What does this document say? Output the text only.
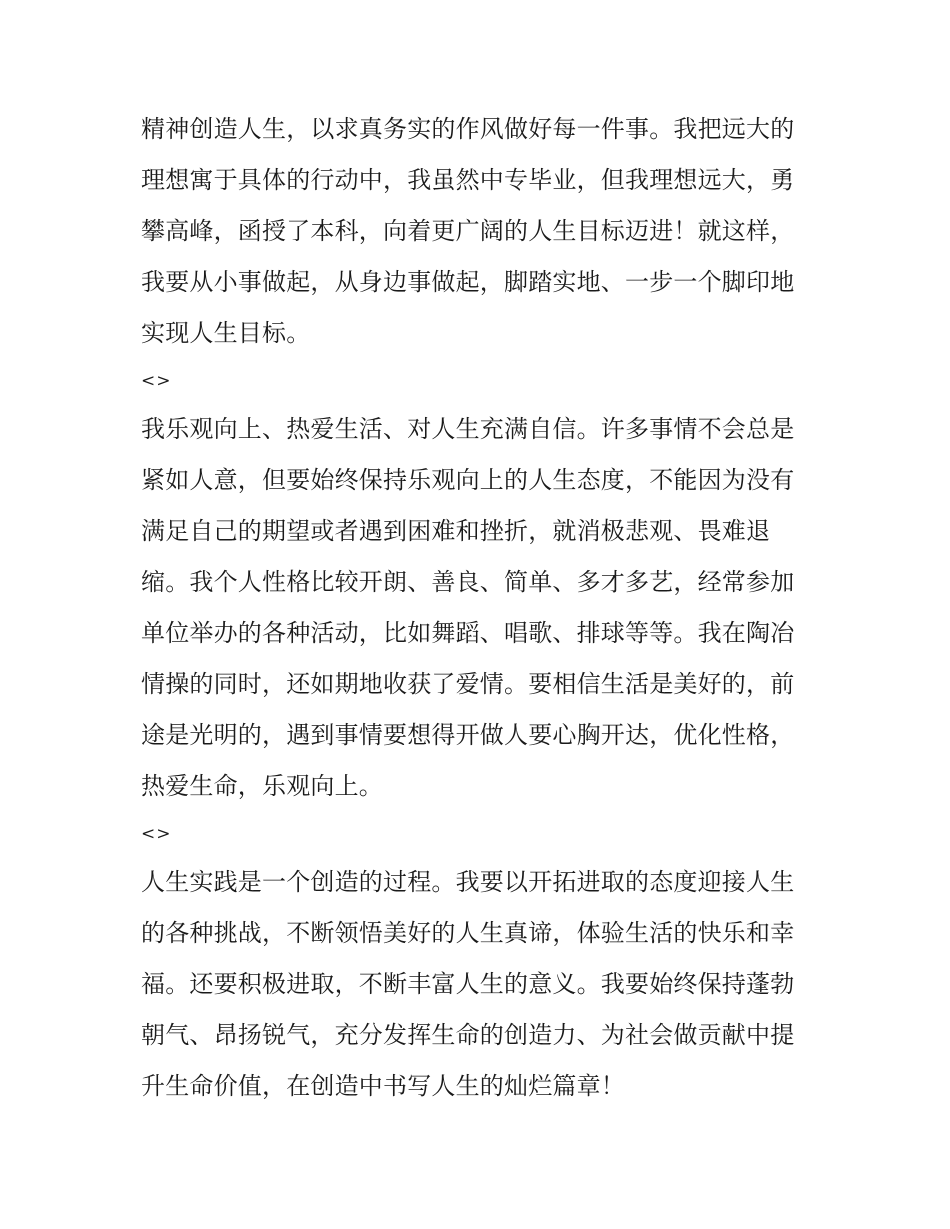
精神创造人生，以求真务实的作风做好每一件事。我把远大的
理想寓于具体的行动中，我虽然中专毕业，但我理想远大，勇
攀高峰，函授了本科，向着更广阔的人生目标迈进！就这样，
我要从小事做起，从身边事做起，脚踏实地、一步一个脚印地
实现人生目标。
<>
我乐观向上、热爱生活、对人生充满自信。许多事情不会总是
紧如人意，但要始终保持乐观向上的人生态度，不能因为没有
满足自己的期望或者遇到困难和挫折，就消极悲观、畏难退
缩。我个人性格比较开朗、善良、简单、多才多艺，经常参加
单位举办的各种活动，比如舞蹈、唱歌、排球等等。我在陶冶
情操的同时，还如期地收获了爱情。要相信生活是美好的，前
途是光明的，遇到事情要想得开做人要心胸开达，优化性格，
热爱生命，乐观向上。
<>
人生实践是一个创造的过程。我要以开拓进取的态度迎接人生
的各种挑战，不断领悟美好的人生真谛，体验生活的快乐和幸
福。还要积极进取，不断丰富人生的意义。我要始终保持蓬勃
朝气、昂扬锐气，充分发挥生命的创造力、为社会做贡献中提
升生命价值，在创造中书写人生的灿烂篇章！
